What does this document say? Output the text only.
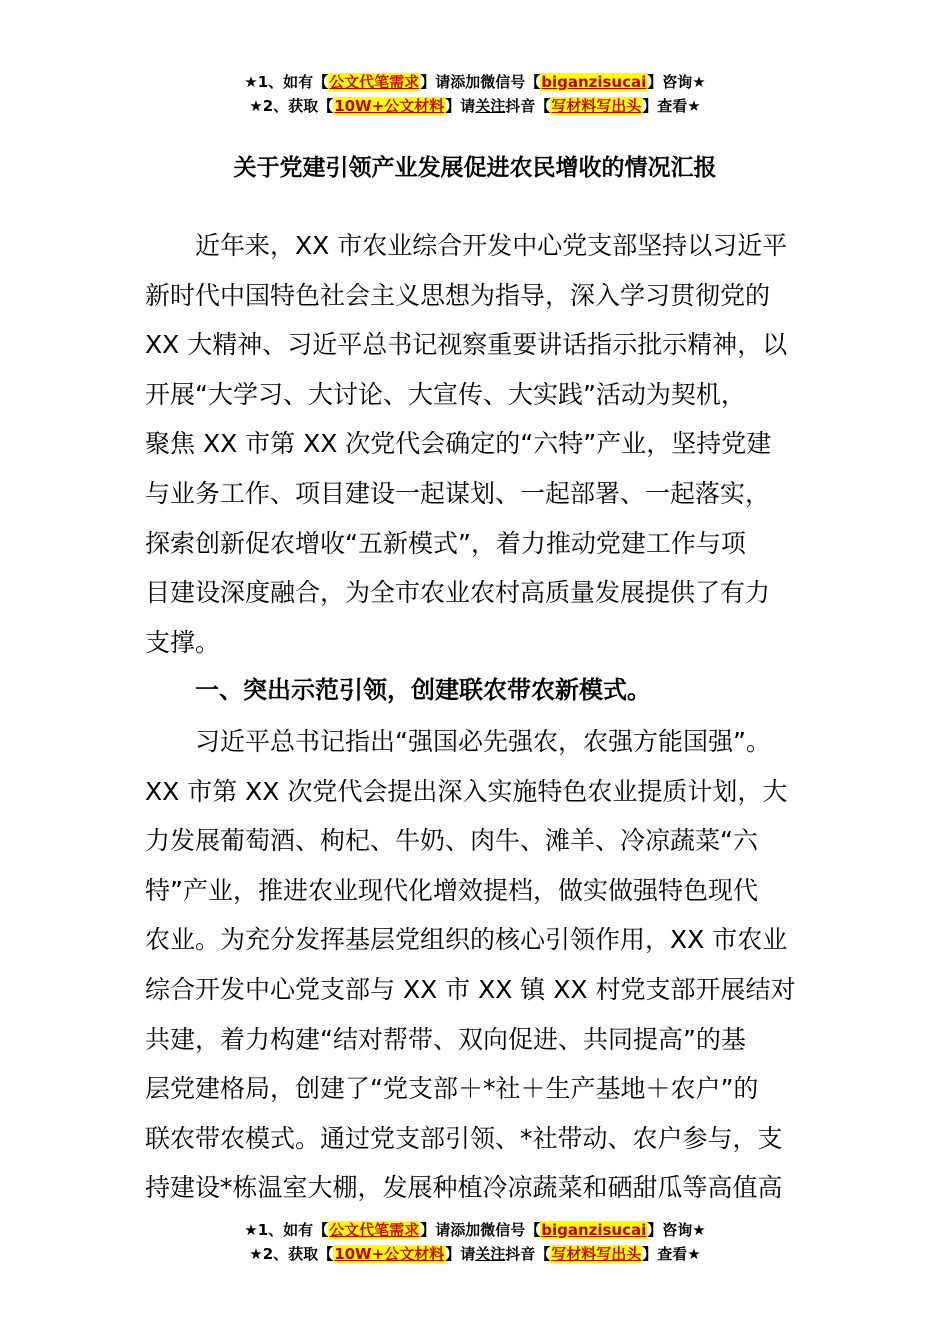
★1、如有【公文代笔需求】请添加微信号【biganzisucai】咨询★
★2、获取【10W+公文材料】请关注抖音【写材料写出头】查看★
关于党建引领产业发展促进农民增收的情况汇报
近年来，XX 市农业综合开发中心党支部坚持以习近平
新时代中国特色社会主义思想为指导，深入学习贯彻党的
XX 大精神、习近平总书记视察重要讲话指示批示精神，以
开展“大学习、大讨论、大宣传、大实践”活动为契机，
聚焦 XX 市第 XX 次党代会确定的“六特”产业，坚持党建
与业务工作、项目建设一起谋划、一起部署、一起落实，
探索创新促农增收“五新模式”，着力推动党建工作与项
目建设深度融合，为全市农业农村高质量发展提供了有力
支撑。
一、突出示范引领，创建联农带农新模式。
习近平总书记指出“强国必先强农，农强方能国强”。
XX 市第 XX 次党代会提出深入实施特色农业提质计划，大
力发展葡萄酒、枸杞、牛奶、肉牛、滩羊、冷凉蔬菜“六
特”产业，推进农业现代化增效提档，做实做强特色现代
农业。为充分发挥基层党组织的核心引领作用，XX 市农业
综合开发中心党支部与 XX 市 XX 镇 XX 村党支部开展结对
共建，着力构建“结对帮带、双向促进、共同提高”的基
层党建格局，创建了“党支部＋*社＋生产基地＋农户”的
联农带农模式。通过党支部引领、*社带动、农户参与，支
持建设*栋温室大棚，发展种植冷凉蔬菜和硒甜瓜等高值高
★1、如有【公文代笔需求】请添加微信号【biganzisucai】咨询★
★2、获取【10W+公文材料】请关注抖音【写材料写出头】查看★
